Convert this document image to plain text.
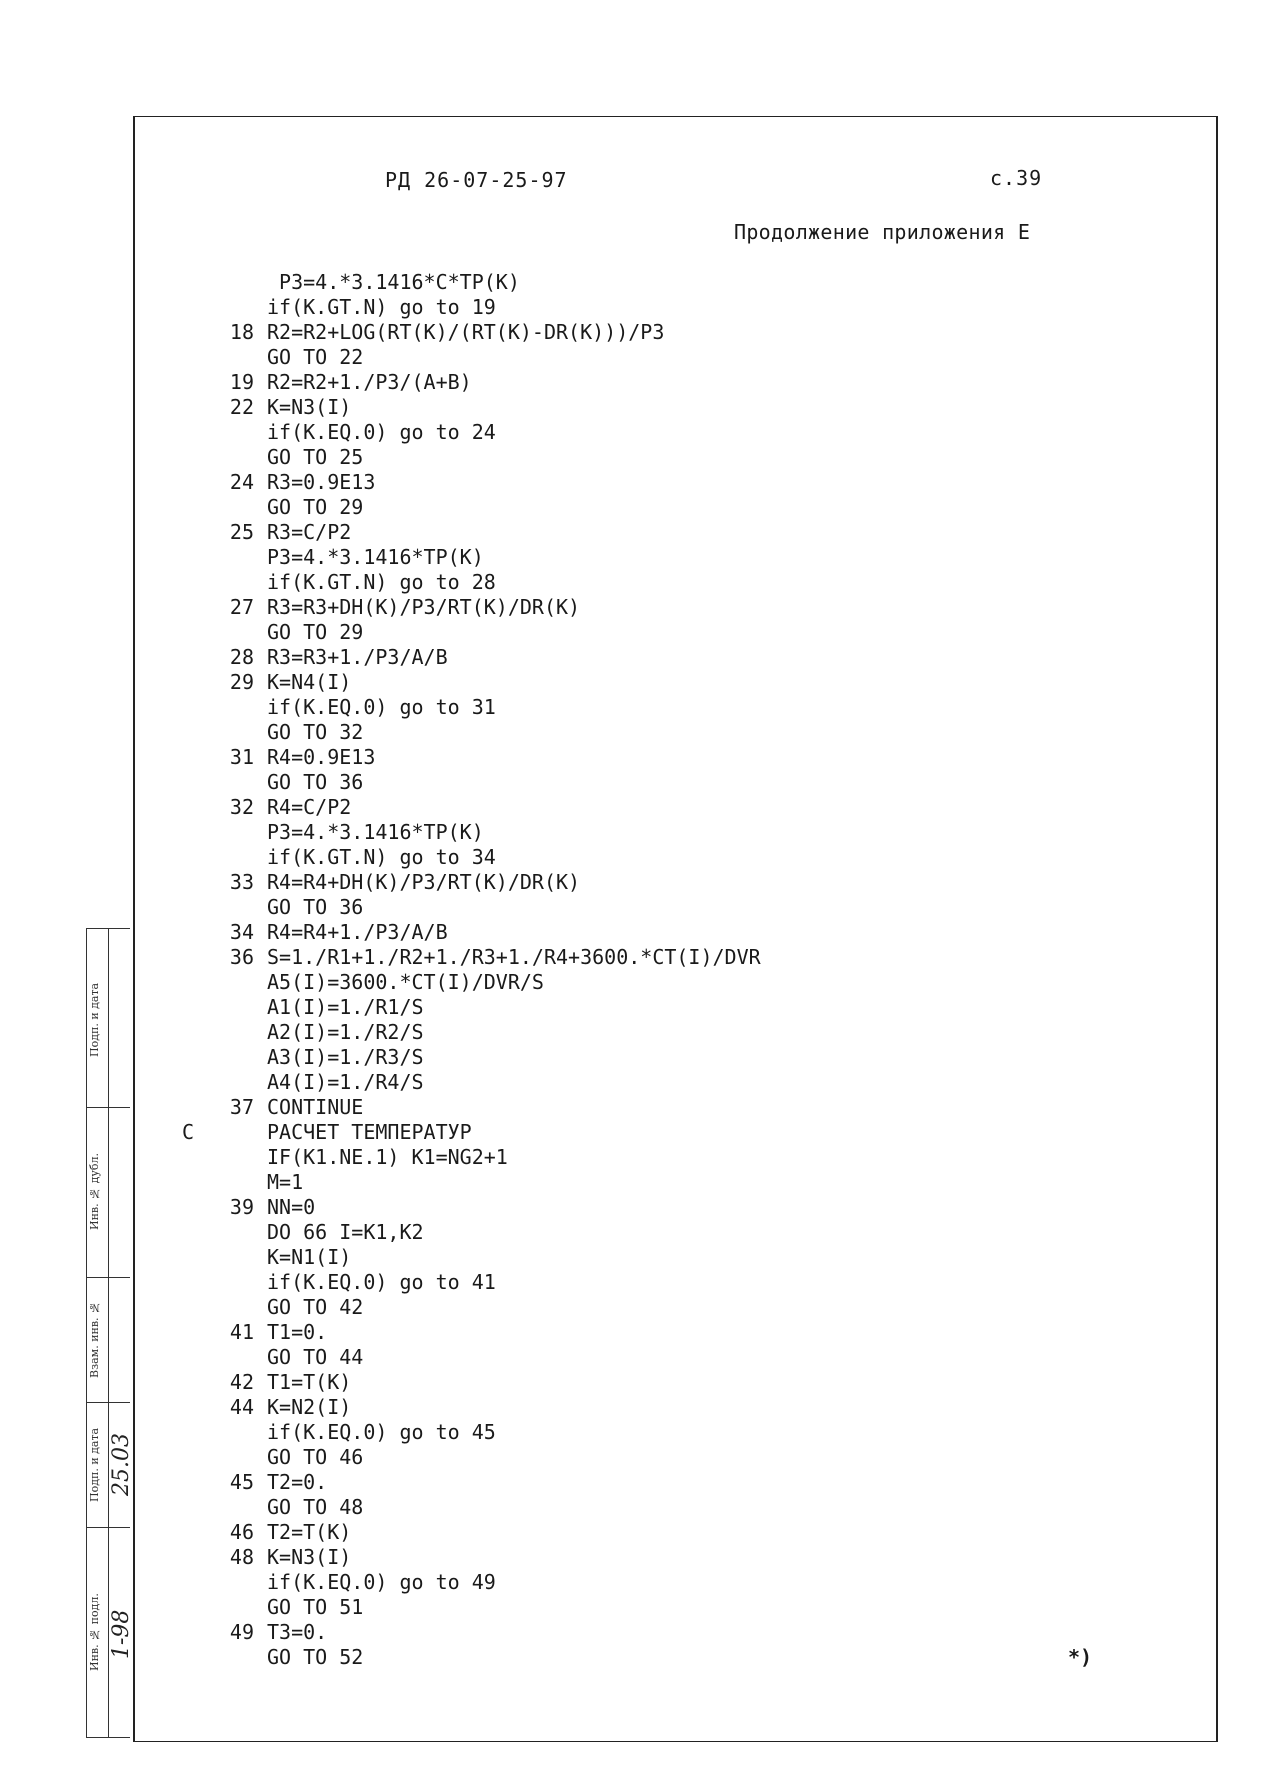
РД 26-07-25-97	с.39
Продолжение приложения Е
P3=4.*3.1416*C*TP(K)
if(K.GT.N) go to 19
18 R2=R2+LOG(RT(K)/(RT(K)-DR(K)))/P3
GO TO 22
19 R2=R2+1./P3/(A+B)
22 K=N3(I)
if(K.EQ.0) go to 24
GO TO 25
24 R3=0.9E13
GO TO 29
25 R3=C/P2
P3=4.*3.1416*TP(K)
if(K.GT.N) go to 28
27 R3=R3+DH(K)/P3/RT(K)/DR(K)
GO TO 29
28 R3=R3+1./P3/A/B
29 K=N4(I)
if(K.EQ.0) go to 31
GO TO 32
31 R4=0.9E13
GO TO 36
32 R4=C/P2
P3=4.*3.1416*TP(K)
if(K.GT.N) go to 34
33 R4=R4+DH(K)/P3/RT(K)/DR(K)
GO TO 36
34 R4=R4+1./P3/A/B
36 S=1./R1+1./R2+1./R3+1./R4+3600.*CT(I)/DVR
A5(I)=3600.*CT(I)/DVR/S
A1(I)=1./R1/S
A2(I)=1./R2/S
A3(I)=1./R3/S
A4(I)=1./R4/S
37 CONTINUE
C	РАСЧЕТ ТЕМПЕРАТУР
IF(K1.NE.1) K1=NG2+1
M=1
39 NN=0
DO 66 I=K1,K2
K=N1(I)
if(K.EQ.0) go to 41
GO TO 42
41 T1=0.
GO TO 44
42 T1=T(K)
44 K=N2(I)
if(K.EQ.0) go to 45
GO TO 46
45 T2=0.
GO TO 48
46 T2=T(K)
48 K=N3(I)
if(K.EQ.0) go to 49
GO TO 51
49 T3=0.
GO TO 52	*)
Подп. и дата
Инв. № дубл.
Взам. инв. №
Подп. и дата
Инв. № подл.
25.03
1-98
